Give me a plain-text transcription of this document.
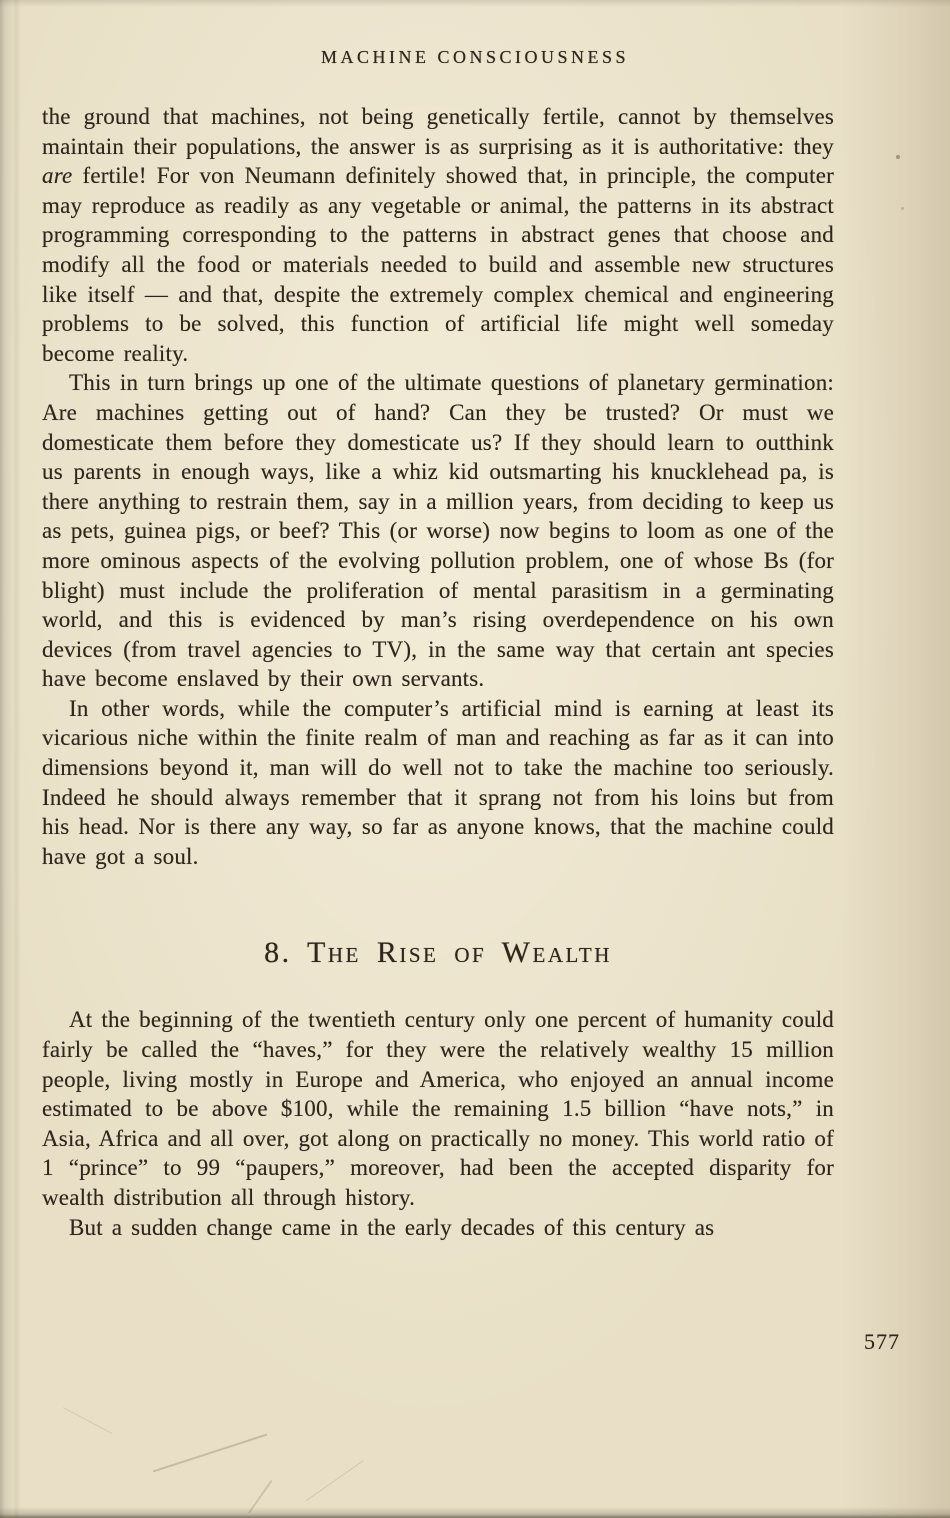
MACHINE CONSCIOUSNESS

the ground that machines, not being genetically fertile, cannot by themselves maintain their populations, the answer is as surprising as it is authoritative: they are fertile! For von Neumann definitely showed that, in principle, the computer may reproduce as readily as any vegetable or animal, the patterns in its abstract programming corresponding to the patterns in abstract genes that choose and modify all the food or materials needed to build and assemble new structures like itself — and that, despite the extremely complex chemical and engineering problems to be solved, this function of artificial life might well someday become reality.

This in turn brings up one of the ultimate questions of planetary germination: Are machines getting out of hand? Can they be trusted? Or must we domesticate them before they domesticate us? If they should learn to outthink us parents in enough ways, like a whiz kid outsmarting his knucklehead pa, is there anything to restrain them, say in a million years, from deciding to keep us as pets, guinea pigs, or beef? This (or worse) now begins to loom as one of the more ominous aspects of the evolving pollution problem, one of whose Bs (for blight) must include the proliferation of mental parasitism in a germinating world, and this is evidenced by man’s rising overdependence on his own devices (from travel agencies to TV), in the same way that certain ant species have become enslaved by their own servants.

In other words, while the computer’s artificial mind is earning at least its vicarious niche within the finite realm of man and reaching as far as it can into dimensions beyond it, man will do well not to take the machine too seriously. Indeed he should always remember that it sprang not from his loins but from his head. Nor is there any way, so far as anyone knows, that the machine could have got a soul.

8. The Rise of Wealth

At the beginning of the twentieth century only one percent of humanity could fairly be called the “haves,” for they were the relatively wealthy 15 million people, living mostly in Europe and America, who enjoyed an annual income estimated to be above $100, while the remaining 1.5 billion “have nots,” in Asia, Africa and all over, got along on practically no money. This world ratio of 1 “prince” to 99 “paupers,” moreover, had been the accepted disparity for wealth distribution all through history.

But a sudden change came in the early decades of this century as

577
